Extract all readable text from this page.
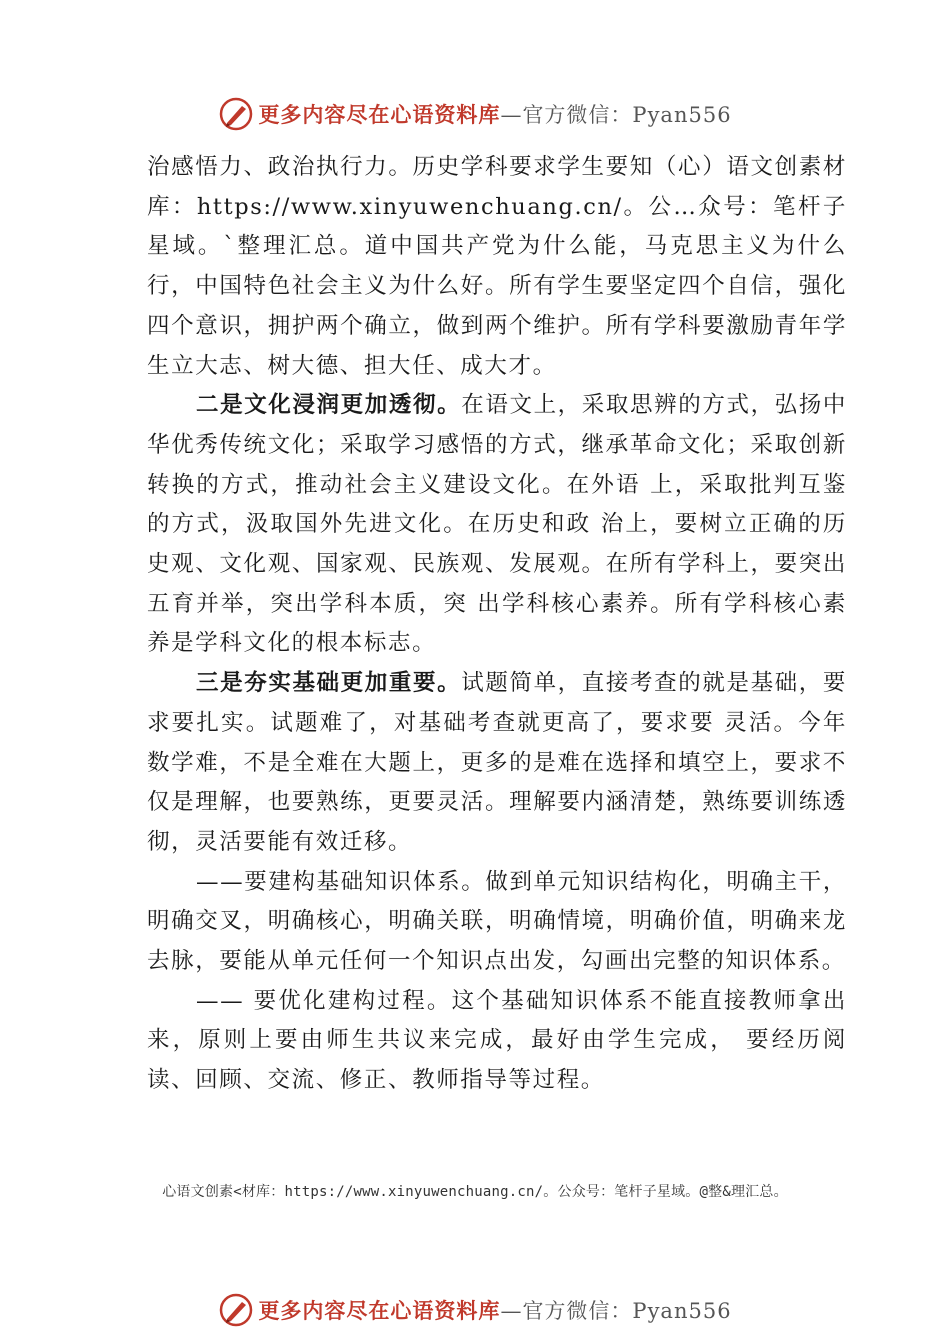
更多内容尽在心语资料库—官方微信：Pyan556

治感悟力、政治执行力。历史学科要求学生要知（心）语文创素材库：https://www.xinyuwenchuang.cn/。公…众号：笔杆子星域。`整理汇总。道中国共产党为什么能，马克思主义为什么行，中国特色社会主义为什么好。所有学生要坚定四个自信，强化四个意识，拥护两个确立，做到两个维护。所有学科要激励青年学生立大志、树大德、担大任、成大才。

二是文化浸润更加透彻。在语文上，采取思辨的方式，弘扬中华优秀传统文化；采取学习感悟的方式，继承革命文化；采取创新转换的方式，推动社会主义建设文化。在外语 上，采取批判互鉴的方式，汲取国外先进文化。在历史和政 治上，要树立正确的历史观、文化观、国家观、民族观、发展观。在所有学科上，要突出五育并举，突出学科本质，突 出学科核心素养。所有学科核心素养是学科文化的根本标志。

三是夯实基础更加重要。试题简单，直接考查的就是基础，要求要扎实。试题难了，对基础考查就更高了，要求要 灵活。今年数学难，不是全难在大题上，更多的是难在选择和填空上，要求不仅是理解，也要熟练，更要灵活。理解要内涵清楚，熟练要训练透彻，灵活要能有效迁移。

——要建构基础知识体系。做到单元知识结构化，明确主干，明确交叉，明确核心，明确关联，明确情境，明确价值，明确来龙去脉，要能从单元任何一个知识点出发，勾画出完整的知识体系。

—— 要优化建构过程。这个基础知识体系不能直接教师拿出来，原则上要由师生共议来完成，最好由学生完成， 要经历阅读、回顾、交流、修正、教师指导等过程。

心语文创素<材库：https://www.xinyuwenchuang.cn/。公众号：笔杆子星域。@整&理汇总。
更多内容尽在心语资料库—官方微信：Pyan556
